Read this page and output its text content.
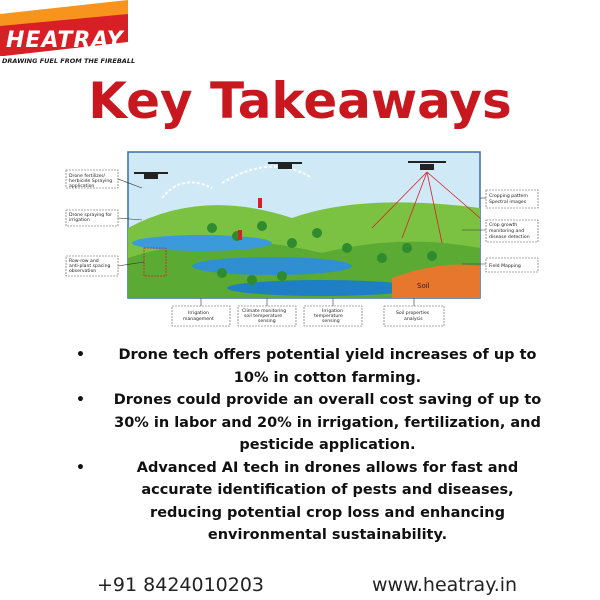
HEATRAY
DRAWING FUEL FROM THE FIREBALL
Key Takeaways
Soil
Drone fertilizer/ herbicide Spraying application
Drone spraying for irrigation
Row-row and anti-plant spacing observation
Cropping pattern Spectral images
Crop growth monitoring and disease detection
Field Mapping
Irrigation management
Climate monitoring soil temperature sensing
Irrigation temperature sensing
Soil properties analysis
• Drone tech offers potential yield increases of up to 10% in cotton farming.
• Drones could provide an overall cost saving of up to 30% in labor and 20% in irrigation, fertilization, and pesticide application.
•	Advanced AI tech in drones allows for fast and accurate identification of pests and diseases, reducing potential crop loss and enhancing environmental sustainability.
+91 8424010203	www.heatray.in
